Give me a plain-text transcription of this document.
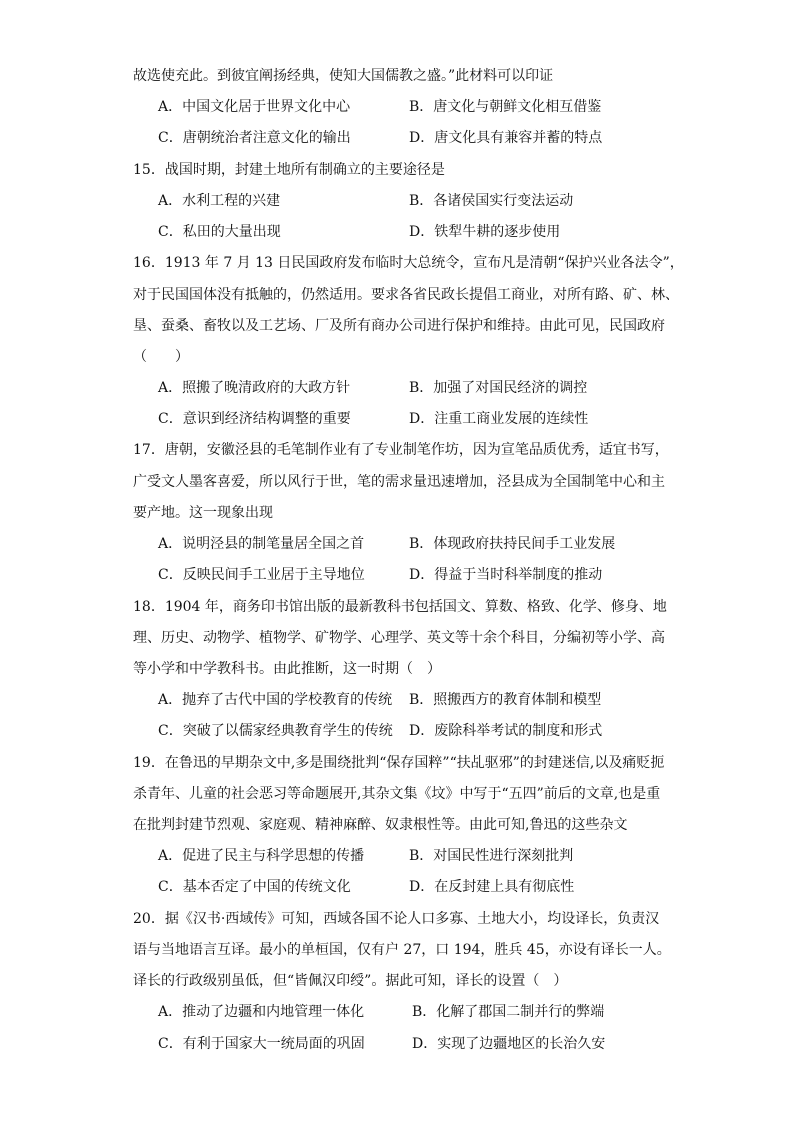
故选使充此。到彼宜阐扬经典，使知大国儒教之盛。”此材料可以印证
A．中国文化居于世界文化中心	B．唐文化与朝鲜文化相互借鉴
C．唐朝统治者注意文化的输出	D．唐文化具有兼容并蓄的特点
15．战国时期，封建土地所有制确立的主要途径是
A．水利工程的兴建	B．各诸侯国实行变法运动
C．私田的大量出现	D．铁犁牛耕的逐步使用
16．1913 年 7 月 13 日民国政府发布临时大总统令，宣布凡是清朝“保护兴业各法令”，
对于民国国体没有抵触的，仍然适用。要求各省民政长提倡工商业，对所有路、矿、林、
垦、蚕桑、畜牧以及工艺场、厂及所有商办公司进行保护和维持。由此可见，民国政府
（　　）
A．照搬了晚清政府的大政方针	B．加强了对国民经济的调控
C．意识到经济结构调整的重要	D．注重工商业发展的连续性
17．唐朝，安徽泾县的毛笔制作业有了专业制笔作坊，因为宣笔品质优秀，适宜书写，
广受文人墨客喜爱，所以风行于世，笔的需求量迅速增加，泾县成为全国制笔中心和主
要产地。这一现象出现
A．说明泾县的制笔量居全国之首	B．体现政府扶持民间手工业发展
C．反映民间手工业居于主导地位	D．得益于当时科举制度的推动
18．1904 年，商务印书馆出版的最新教科书包括国文、算数、格致、化学、修身、地
理、历史、动物学、植物学、矿物学、心理学、英文等十余个科目，分编初等小学、高
等小学和中学教科书。由此推断，这一时期（　）
A．抛弃了古代中国的学校教育的传统 B．照搬西方的教育体制和模型
C．突破了以儒家经典教育学生的传统 D．废除科举考试的制度和形式
19．在鲁迅的早期杂文中,多是围绕批判“保存国粹”“扶乩驱邪”的封建迷信,以及痛贬扼
杀青年、儿童的社会恶习等命题展开,其杂文集《坟》中写于“五四”前后的文章,也是重
在批判封建节烈观、家庭观、精神麻醉、奴隶根性等。由此可知,鲁迅的这些杂文
A．促进了民主与科学思想的传播	B．对国民性进行深刻批判
C．基本否定了中国的传统文化	D．在反封建上具有彻底性
20．据《汉书·西域传》可知，西域各国不论人口多寡、土地大小，均设译长，负责汉
语与当地语言互译。最小的单桓国，仅有户 27，口 194，胜兵 45，亦设有译长一人。
译长的行政级别虽低，但“皆佩汉印绶”。据此可知，译长的设置（　）
A．推动了边疆和内地管理一体化	B．化解了郡国二制并行的弊端
C．有利于国家大一统局面的巩固	D．实现了边疆地区的长治久安
